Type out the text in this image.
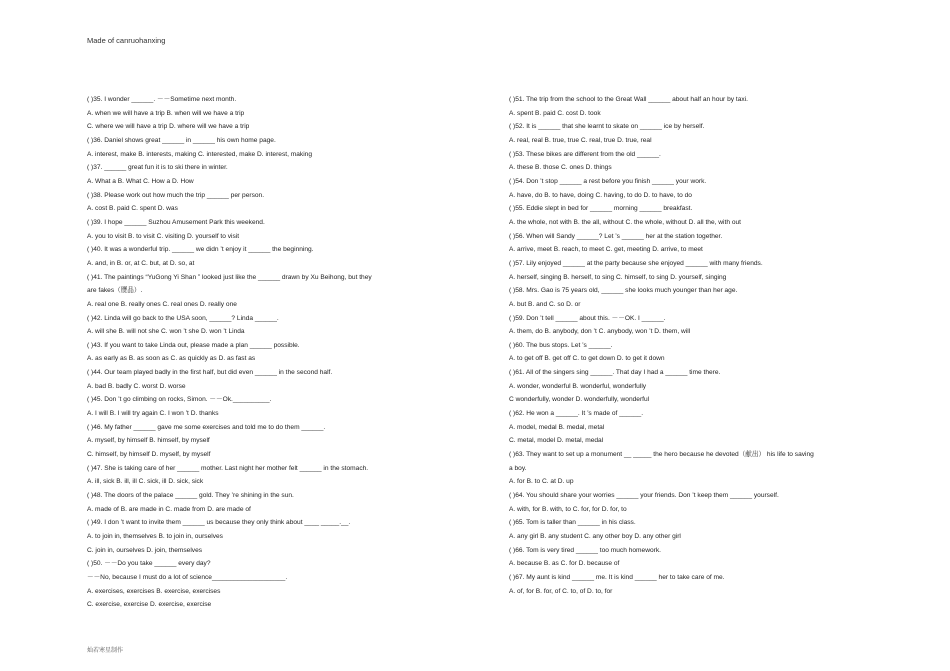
Made of canruohanxing
( )35. I wonder ______. －－Sometime next month.
A. when we will have a trip B. when will we have a trip
C. where we will have a trip D. where will we have a trip
( )36. Daniel shows great ______ in ______ his own home page.
A. interest, make B. interests, making C. interested, make D. interest, making
( )37. ______ great fun it is to ski there in winter.
A. What a B. What C. How a D. How
( )38. Please work out how much the trip ______ per person.
A. cost B. paid C. spent D. was
( )39. I hope ______ Suzhou Amusement Park this weekend.
A. you to visit B. to visit C. visiting D. yourself to visit
( )40. It was a wonderful trip. ______ we didn ’t enjoy it ______ the beginning.
A. and, in B. or, at C. but, at D. so, at
( )41. The paintings “YuGong Yi Shan ” looked just like the ______ drawn by Xu Beihong, but they
are fakes（赝品）.
A. real one B. really ones C. real ones D. really one
( )42. Linda will go back to the USA soon, ______? Linda ______.
A. will she B. will not she C. won ’t she D. won ’t Linda
( )43. If you want to take Linda out, please made a plan ______ possible.
A. as early as B. as soon as C. as quickly as D. as fast as
( )44. Our team played badly in the first half, but did even ______ in the second half.
A. bad B. badly C. worst D. worse
( )45. Don ’t go climbing on rocks, Simon. －－Ok.__________.
A. I will B. I will try again C. I won ’t D. thanks
( )46. My father ______ gave me some exercises and told me to do them ______.
A. myself, by himself B. himself, by myself
C. himself, by himself D. myself, by myself
( )47. She is taking care of her ______ mother. Last night her mother felt ______ in the stomach.
A. ill, sick B. ill, ill C. sick, ill D. sick, sick
( )48. The doors of the palace ______ gold. They ’re shining in the sun.
A. made of B. are made in C. made from D. are made of
( )49. I don ’t want to invite them ______ us because they only think about ____ _____.__.
A. to join in, themselves B. to join in, ourselves
C. join in, ourselves D. join, themselves
( )50. －－Do you take ______ every day?
－－No, because I must do a lot of science____________________.
A. exercises, exercises B. exercise, exercises
C. exercise, exercise D. exercise, exercise
( )51. The trip from the school to the Great Wall ______ about half an hour by taxi.
A. spent B. paid C. cost D. took
( )52. It is ______ that she learnt to skate on ______ ice by herself.
A. real, real B. true, true C. real, true D. true, real
( )53. These bikes are different from the old ______.
A. these B. those C. ones D. things
( )54. Don ’t stop ______ a rest before you finish ______ your work.
A. have, do B. to have, doing C. having, to do D. to have, to do
( )55. Eddie slept in bed for ______ morning ______ breakfast.
A. the whole, not with B. the all, without C. the whole, without D. all the, with out
( )56. When will Sandy ______? Let ’s ______ her at the station together.
A. arrive, meet B. reach, to meet C. get, meeting D. arrive, to meet
( )57. Lily enjoyed ______ at the party because she enjoyed ______ with many friends.
A. herself, singing B. herself, to sing C. himself, to sing D. yourself, singing
( )58. Mrs. Gao is 75 years old, ______ she looks much younger than her age.
A. but B. and C. so D. or
( )59. Don ’t tell ______ about this. －－OK. I ______.
A. them, do B. anybody, don ’t C. anybody, won ’t D. them, will
( )60. The bus stops. Let ’s ______.
A. to get off B. get off C. to get down D. to get it down
( )61. All of the singers sing ______. That day I had a ______ time there.
A. wonder, wonderful B. wonderful, wonderfully
C wonderfully, wonder D. wonderfully, wonderful
( )62. He won a ______. It ’s made of ______.
A. model, medal B. medal, metal
C. metal, model D. metal, medal
( )63. They want to set up a monument __ _____ the hero because he devoted（献出） his life to saving
a boy.
A. for B. to C. at D. up
( )64. You should share your worries ______ your friends. Don ’t keep them ______ yourself.
A. with, for B. with, to C. for, for D. for, to
( )65. Tom is taller than ______ in his class.
A. any girl B. any student C. any other boy D. any other girl
( )66. Tom is very tired ______ too much homework.
A. because B. as C. for D. because of
( )67. My aunt is kind ______ me. It is kind ______ her to take care of me.
A. of, for B. for, of C. to, of D. to, for
灿若寒星制作
